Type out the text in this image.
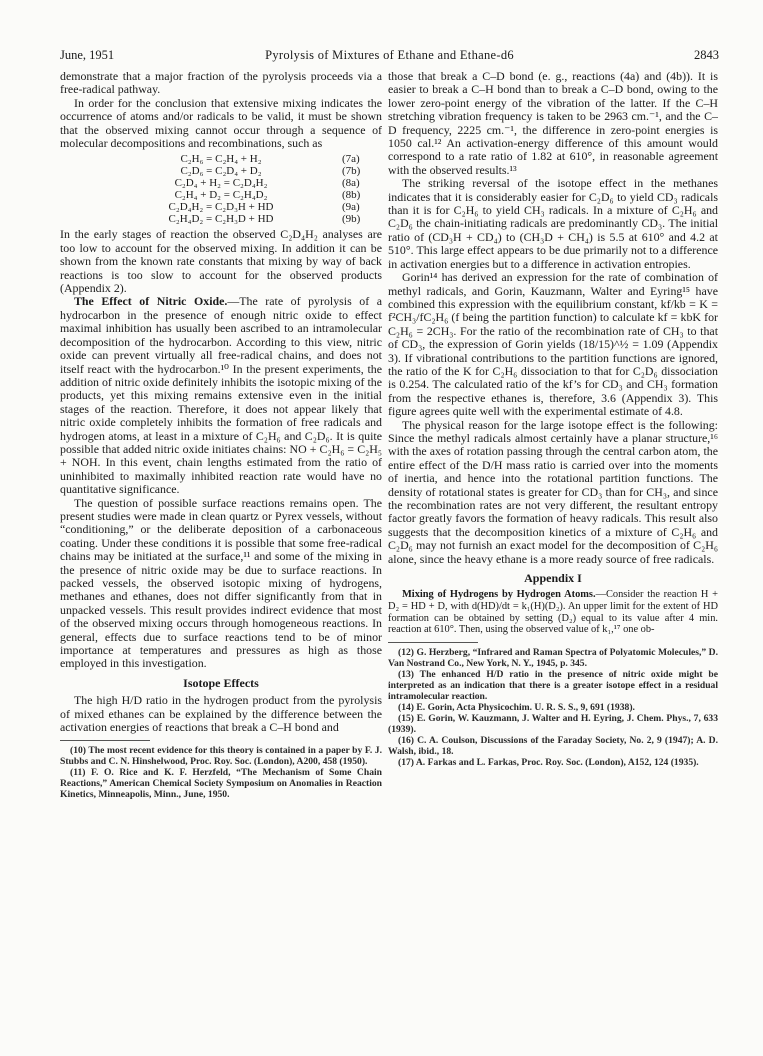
June, 1951	Pyrolysis of Mixtures of Ethane and Ethane-d6	2843

demonstrate that a major fraction of the pyrolysis proceeds via a free-radical pathway.

In order for the conclusion that extensive mixing indicates the occurrence of atoms and/or radicals to be valid, it must be shown that the observed mixing cannot occur through a sequence of molecular decompositions and recombinations, such as

C₂H₆ = C₂H₄ + H₂	(7a)
C₂D₆ = C₂D₄ + D₂	(7b)
C₂D₄ + H₂ = C₂D₄H₂	(8a)
C₂H₄ + D₂ = C₂H₄D₂	(8b)
C₂D₄H₂ = C₂D₃H + HD	(9a)
C₂H₄D₂ = C₂H₃D + HD	(9b)

In the early stages of reaction the observed C₂D₄H₂ analyses are too low to account for the observed mixing. In addition it can be shown from the known rate constants that mixing by way of back reactions is too slow to account for the observed products (Appendix 2).

The Effect of Nitric Oxide.—The rate of pyrolysis of a hydrocarbon in the presence of enough nitric oxide to effect maximal inhibition has usually been ascribed to an intramolecular decomposition of the hydrocarbon. According to this view, nitric oxide can prevent virtually all free-radical chains, and does not itself react with the hydrocarbon.¹⁰ In the present experiments, the addition of nitric oxide definitely inhibits the isotopic mixing of the products, yet this mixing remains extensive even in the initial stages of the reaction. Therefore, it does not appear likely that nitric oxide completely inhibits the formation of free radicals and hydrogen atoms, at least in a mixture of C₂H₆ and C₂D₆. It is quite possible that added nitric oxide initiates chains: NO + C₂H₆ = C₂H₅ + NOH. In this event, chain lengths estimated from the ratio of uninhibited to maximally inhibited reaction rate would have no quantitative significance.

The question of possible surface reactions remains open. The present studies were made in clean quartz or Pyrex vessels, without “conditioning,” or the deliberate deposition of a carbonaceous coating. Under these conditions it is possible that some free-radical chains may be initiated at the surface,¹¹ and some of the mixing in the presence of nitric oxide may be due to surface reactions. In packed vessels, the observed isotopic mixing of hydrogens, methanes and ethanes, does not differ significantly from that in unpacked vessels. This result provides indirect evidence that most of the observed mixing occurs through homogeneous reactions. In general, effects due to surface reactions tend to be of minor importance at temperatures and pressures as high as those employed in this investigation.

Isotope Effects

The high H/D ratio in the hydrogen product from the pyrolysis of mixed ethanes can be explained by the difference between the activation energies of reactions that break a C–H bond and

(10) The most recent evidence for this theory is contained in a paper by F. J. Stubbs and C. N. Hinshelwood, Proc. Roy. Soc. (London), A200, 458 (1950).

(11) F. O. Rice and K. F. Herzfeld, “The Mechanism of Some Chain Reactions,” American Chemical Society Symposium on Anomalies in Reaction Kinetics, Minneapolis, Minn., June, 1950.

those that break a C–D bond (e. g., reactions (4a) and (4b)). It is easier to break a C–H bond than to break a C–D bond, owing to the lower zero-point energy of the vibration of the latter. If the C–H stretching vibration frequency is taken to be 2963 cm.⁻¹, and the C–D frequency, 2225 cm.⁻¹, the difference in zero-point energies is 1050 cal.¹² An activation-energy difference of this amount would correspond to a rate ratio of 1.82 at 610°, in reasonable agreement with the observed results.¹³

The striking reversal of the isotope effect in the methanes indicates that it is considerably easier for C₂D₆ to yield CD₃ radicals than it is for C₂H₆ to yield CH₃ radicals. In a mixture of C₂H₆ and C₂D₆ the chain-initiating radicals are predominantly CD₃. The initial ratio of (CD₃H + CD₄) to (CH₃D + CH₄) is 5.5 at 610° and 4.2 at 510°. This large effect appears to be due primarily not to a difference in activation energies but to a difference in activation entropies.

Gorin¹⁴ has derived an expression for the rate of combination of methyl radicals, and Gorin, Kauzmann, Walter and Eyring¹⁵ have combined this expression with the equilibrium constant, kf/kb = K = f²CH₃/fC₂H₆ (f being the partition function) to calculate kf = kbK for C₂H₆ = 2CH₃. For the ratio of the recombination rate of CH₃ to that of CD₃, the expression of Gorin yields (18/15)^½ = 1.09 (Appendix 3). If vibrational contributions to the partition functions are ignored, the ratio of the K for C₂H₆ dissociation to that for C₂D₆ dissociation is 0.254. The calculated ratio of the kf’s for CD₃ and CH₃ formation from the respective ethanes is, therefore, 3.6 (Appendix 3). This figure agrees quite well with the experimental estimate of 4.8.

The physical reason for the large isotope effect is the following: Since the methyl radicals almost certainly have a planar structure,¹⁶ with the axes of rotation passing through the central carbon atom, the entire effect of the D/H mass ratio is carried over into the moments of inertia, and hence into the rotational partition functions. The density of rotational states is greater for CD₃ than for CH₃, and since the recombination rates are not very different, the resultant entropy factor greatly favors the formation of heavy radicals. This result also suggests that the decomposition kinetics of a mixture of C₂H₆ and C₂D₆ may not furnish an exact model for the decomposition of C₂H₆ alone, since the heavy ethane is a more ready source of free radicals.

Appendix I

Mixing of Hydrogens by Hydrogen Atoms.—Consider the reaction H + D₂ = HD + D, with d(HD)/dt = k₁(H)(D₂). An upper limit for the extent of HD formation can be obtained by setting (D₂) equal to its value after 4 min. reaction at 610°. Then, using the observed value of k₁,¹⁷ one ob-

(12) G. Herzberg, “Infrared and Raman Spectra of Polyatomic Molecules,” D. Van Nostrand Co., New York, N. Y., 1945, p. 345.

(13) The enhanced H/D ratio in the presence of nitric oxide might be interpreted as an indication that there is a greater isotope effect in a residual intramolecular reaction.

(14) E. Gorin, Acta Physicochim. U. R. S. S., 9, 691 (1938).

(15) E. Gorin, W. Kauzmann, J. Walter and H. Eyring, J. Chem. Phys., 7, 633 (1939).

(16) C. A. Coulson, Discussions of the Faraday Society, No. 2, 9 (1947); A. D. Walsh, ibid., 18.

(17) A. Farkas and L. Farkas, Proc. Roy. Soc. (London), A152, 124 (1935).
